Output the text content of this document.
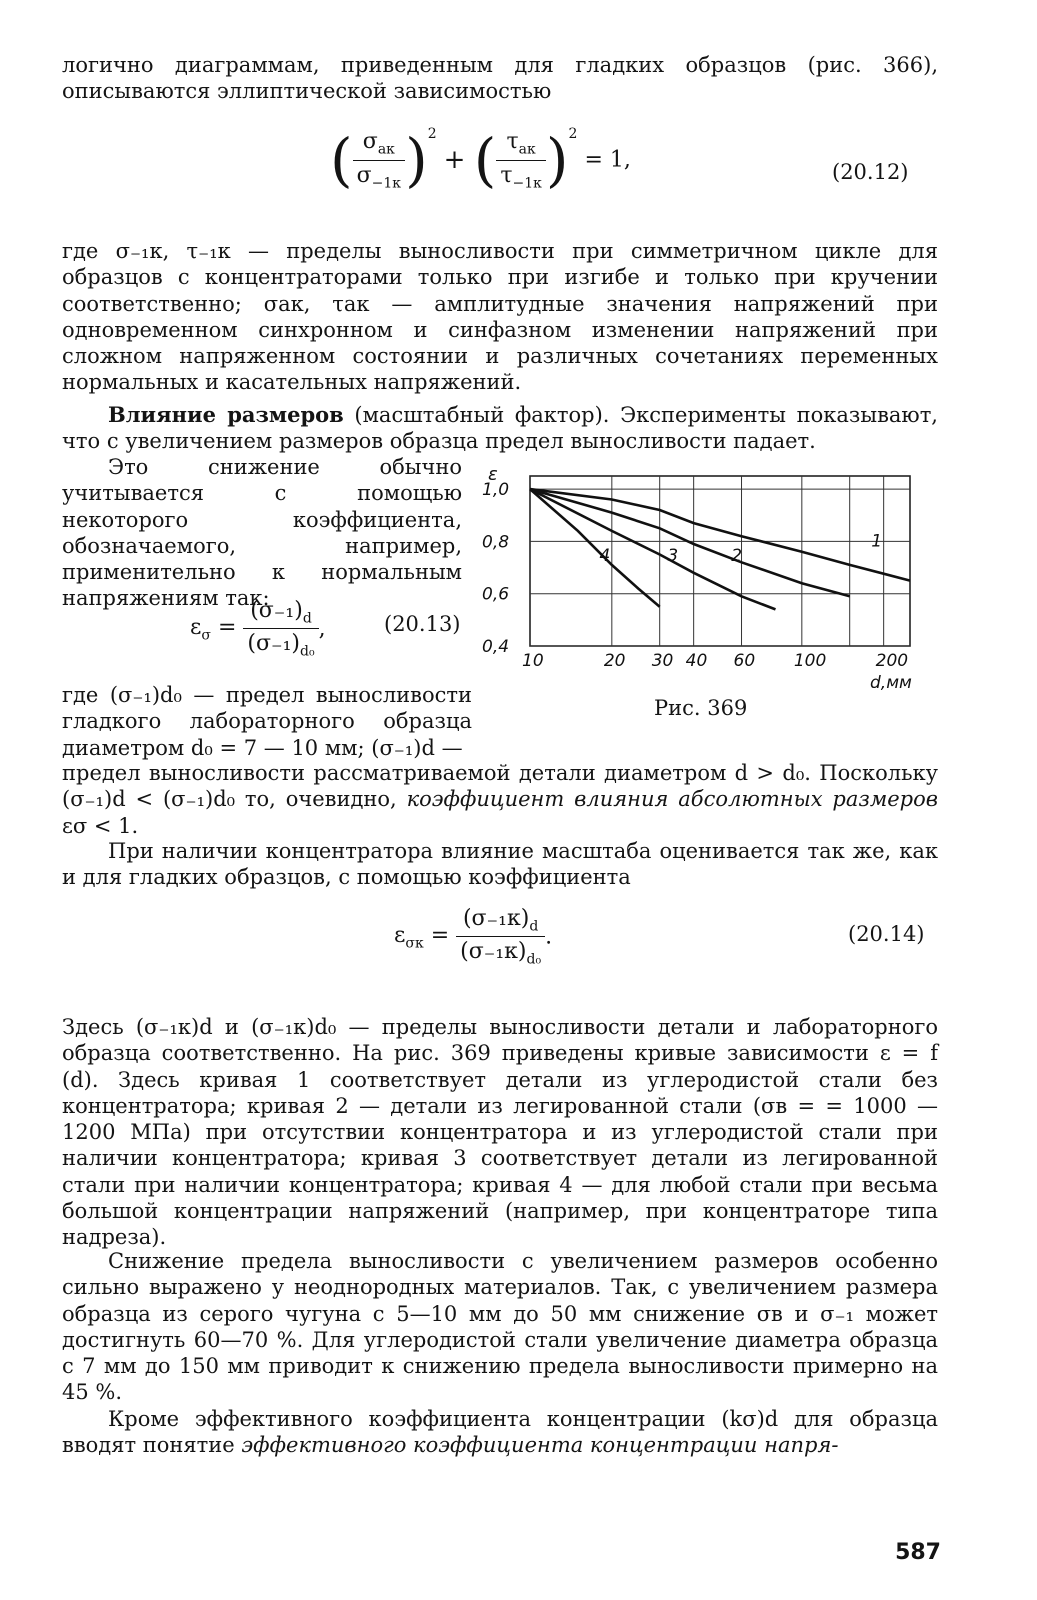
логично диаграммам, приведенным для гладких образцов (рис. 366), описываются эллиптической зависимостью
( $\frac{\sigma_{ак}}{\sigma_{-1к}} )^2$ + ( $\frac{\tau_{ак}}{\tau_{-1к}} )^2 = 1$,	(20.12)
где σ₋₁к, τ₋₁к — пределы выносливости при симметричном цикле для образцов с концентраторами только при изгибе и только при кручении соответственно; σак, τак — амплитудные значения напряжений при одновременном синхронном и синфазном изменении напряжений при сложном напряженном состоянии и различных сочетаниях переменных нормальных и касательных напряжений.
Влияние размеров (масштабный фактор). Эксперименты показывают, что с увеличением размеров образца предел выносливости падает.
Это снижение обычно учитывается с помощью некоторого коэффициента, обозначаемого, например, применительно к нормальным напряжениям так:
$\varepsilon_\sigma = \frac{(\sigma_{-1})_d}{(\sigma_{-1})_{d_0}}$ ,	(20.13)
где (σ₋₁)d₀ — предел выносливости гладкого лабораторного образца диаметром d₀ = 7 — 10 мм; (σ₋₁)d —
1
2
3
4
10	20 30 40 60 100	200
1,0
0,8
0,6
0,4
ε
d,мм
Рис. 369
предел выносливости рассматриваемой детали диаметром d > d₀. Поскольку (σ₋₁)d < (σ₋₁)d₀ то, очевидно, коэффициент влияния абсолютных размеров εσ < 1.
При наличии концентратора влияние масштаба оценивается так же, как и для гладких образцов, с помощью коэффициента
$\varepsilon_{\sigma к} = \frac{(\sigma_{-1}к)_d}{(\sigma_{-1}к)_{d_0}}$ .	(20.14)
Здесь (σ₋₁к)d и (σ₋₁к)d₀ — пределы выносливости детали и лабораторного образца соответственно. На рис. 369 приведены кривые зависимости ε = f (d). Здесь кривая 1 соответствует детали из углеродистой стали без концентратора; кривая 2 — детали из легированной стали (σв = = 1000 — 1200 МПа) при отсутствии концентратора и из углеродистой стали при наличии концентратора; кривая 3 соответствует детали из легированной стали при наличии концентратора; кривая 4 — для любой стали при весьма большой концентрации напряжений (например, при концентраторе типа надреза).
Снижение предела выносливости с увеличением размеров особенно сильно выражено у неоднородных материалов. Так, с увеличением размера образца из серого чугуна с 5—10 мм до 50 мм снижение σв и σ₋₁ может достигнуть 60—70 %. Для углеродистой стали увеличение диаметра образца с 7 мм до 150 мм приводит к снижению предела выносливости примерно на 45 %.
Кроме эффективного коэффициента концентрации (kσ)d для образца вводят понятие эффективного коэффициента концентрации напря-
587
